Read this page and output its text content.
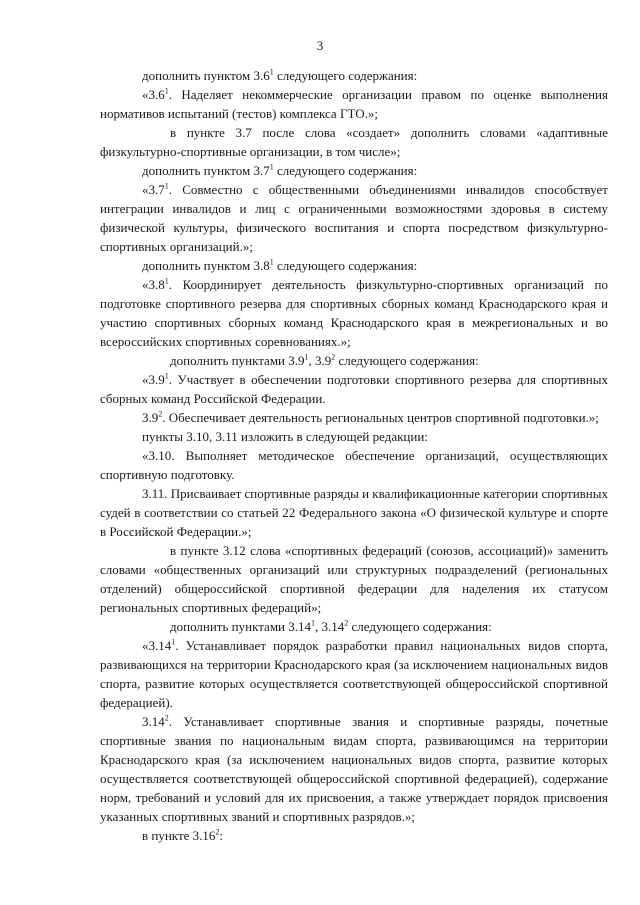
3

дополнить пунктом $3.6^1$ следующего содержания:

«$3.6^1$. Наделяет некоммерческие организации правом по оценке выполнения нормативов испытаний (тестов) комплекса ГТО.»;

в пункте 3.7 после слова «создает» дополнить словами «адаптивные физкультурно-спортивные организации, в том числе»;

дополнить пунктом $3.7^1$ следующего содержания:

«$3.7^1$. Совместно с общественными объединениями инвалидов способствует интеграции инвалидов и лиц с ограниченными возможностями здоровья в систему физической культуры, физического воспитания и спорта посредством физкультурно-спортивных организаций.»;

дополнить пунктом $3.8^1$ следующего содержания:

«$3.8^1$. Координирует деятельность физкультурно-спортивных организаций по подготовке спортивного резерва для спортивных сборных команд Краснодарского края и участию спортивных сборных команд Краснодарского края в межрегиональных и во всероссийских спортивных соревнованиях.»;

дополнить пунктами $3.9^1$, $3.9^2$ следующего содержания:

«$3.9^1$. Участвует в обеспечении подготовки спортивного резерва для спортивных сборных команд Российской Федерации.

$3.9^2$. Обеспечивает деятельность региональных центров спортивной подготовки.»;

пункты 3.10, 3.11 изложить в следующей редакции:

«3.10. Выполняет методическое обеспечение организаций, осуществляющих спортивную подготовку.

3.11. Присваивает спортивные разряды и квалификационные категории спортивных судей в соответствии со статьей 22 Федерального закона «О физической культуре и спорте в Российской Федерации.»;

в пункте 3.12 слова «спортивных федераций (союзов, ассоциаций)» заменить словами «общественных организаций или структурных подразделений (региональных отделений) общероссийской спортивной федерации для наделения их статусом региональных спортивных федераций»;

дополнить пунктами 3.14$^1$, 3.14$^2$ следующего содержания:

«3.14$^1$. Устанавливает порядок разработки правил национальных видов спорта, развивающихся на территории Краснодарского края (за исключением национальных видов спорта, развитие которых осуществляется соответствующей общероссийской спортивной федерацией).

3.14$^2$. Устанавливает спортивные звания и спортивные разряды, почетные спортивные звания по национальным видам спорта, развивающимся на территории Краснодарского края (за исключением национальных видов спорта, развитие которых осуществляется соответствующей общероссийской спортивной федерацией), содержание норм, требований и условий для их присвоения, а также утверждает порядок присвоения указанных спортивных званий и спортивных разрядов.»;

в пункте 3.16$^2$:
